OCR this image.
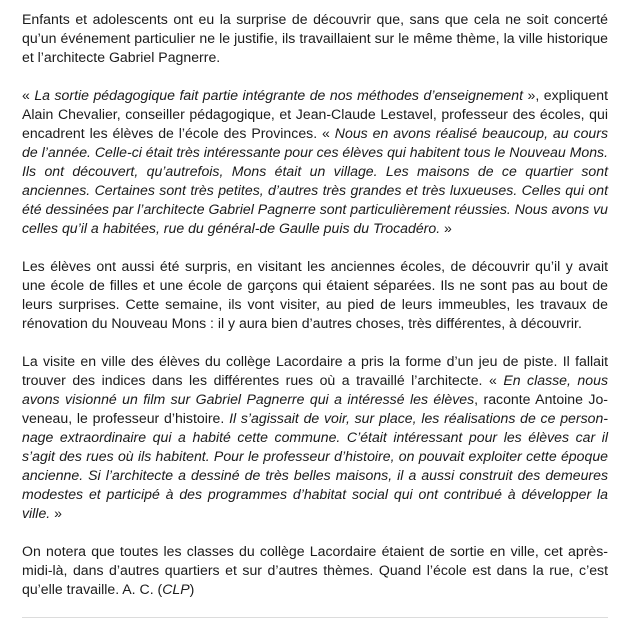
Enfants et adolescents ont eu la surprise de découvrir que, sans que cela ne soit concerté qu’un événement particulier ne le justifie, ils travaillaient sur le même thème, la ville historique et l’architecte Gabriel Pagnerre.

« La sortie pédagogique fait partie intégrante de nos méthodes d’enseignement », expliquent Alain Chevalier, conseiller pédagogique, et Jean-Claude Lestavel, professeur des écoles, qui encadrent les élèves de l’école des Provinces. « Nous en avons réalisé beaucoup, au cours de l’année. Celle-ci était très intéressante pour ces élèves qui habitent tous le Nouveau Mons. Ils ont découvert, qu’autrefois, Mons était un village. Les maisons de ce quartier sont anciennes. Certaines sont très petites, d’autres très grandes et très luxueuses. Celles qui ont été dessinées par l’architecte Gabriel Pagnerre sont particulièrement réussies. Nous avons vu celles qu’il a habitées, rue du général-de Gaulle puis du Trocadéro. »

Les élèves ont aussi été surpris, en visitant les anciennes écoles, de découvrir qu’il y avait une école de filles et une école de garçons qui étaient séparées. Ils ne sont pas au bout de leurs surprises. Cette semaine, ils vont visiter, au pied de leurs immeubles, les travaux de rénovation du Nouveau Mons : il y aura bien d’autres choses, très différentes, à découvrir.

La visite en ville des élèves du collège Lacordaire a pris la forme d’un jeu de piste. Il fallait trouver des indices dans les différentes rues où a travaillé l’architecte. « En classe, nous avons visionné un film sur Gabriel Pagnerre qui a intéressé les élèves, raconte Antoine Joveneau, le professeur d’histoire. Il s’agissait de voir, sur place, les réalisations de ce personnage extraordinaire qui a habité cette commune. C’était intéressant pour les élèves car il s’agit des rues où ils habitent. Pour le professeur d’histoire, on pouvait exploiter cette époque ancienne. Si l’architecte a dessiné de très belles maisons, il a aussi construit des demeures modestes et participé à des programmes d’habitat social qui ont contribué à développer la ville. »

On notera que toutes les classes du collège Lacordaire étaient de sortie en ville, cet après-midi-là, dans d’autres quartiers et sur d’autres thèmes. Quand l’école est dans la rue, c’est qu’elle travaille. A. C. (CLP)
